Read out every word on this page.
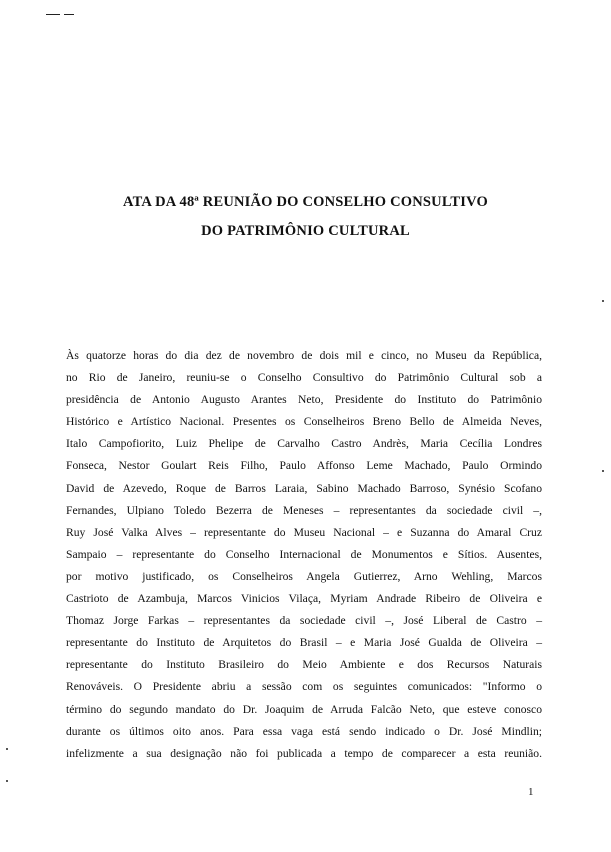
ATA DA 48ª REUNIÃO DO CONSELHO CONSULTIVO
DO PATRIMÔNIO CULTURAL
Às quatorze horas do dia dez de novembro de dois mil e cinco, no Museu da República,
no Rio de Janeiro, reuniu-se o Conselho Consultivo do Patrimônio Cultural sob a
presidência de Antonio Augusto Arantes Neto, Presidente do Instituto do Patrimônio
Histórico e Artístico Nacional. Presentes os Conselheiros Breno Bello de Almeida Neves,
Italo Campofiorito, Luiz Phelipe de Carvalho Castro Andrès, Maria Cecília Londres
Fonseca, Nestor Goulart Reis Filho, Paulo Affonso Leme Machado, Paulo Ormindo
David de Azevedo, Roque de Barros Laraia, Sabino Machado Barroso, Synésio Scofano
Fernandes, Ulpiano Toledo Bezerra de Meneses – representantes da sociedade civil –,
Ruy José Valka Alves – representante do Museu Nacional – e Suzanna do Amaral Cruz
Sampaio – representante do Conselho Internacional de Monumentos e Sítios. Ausentes,
por motivo justificado, os Conselheiros Angela Gutierrez, Arno Wehling, Marcos
Castrioto de Azambuja, Marcos Vinicios Vilaça, Myriam Andrade Ribeiro de Oliveira e
Thomaz Jorge Farkas – representantes da sociedade civil –, José Liberal de Castro –
representante do Instituto de Arquitetos do Brasil – e Maria José Gualda de Oliveira –
representante do Instituto Brasileiro do Meio Ambiente e dos Recursos Naturais
Renováveis. O Presidente abriu a sessão com os seguintes comunicados: "Informo o
término do segundo mandato do Dr. Joaquim de Arruda Falcão Neto, que esteve conosco
durante os últimos oito anos. Para essa vaga está sendo indicado o Dr. José Mindlin;
infelizmente a sua designação não foi publicada a tempo de comparecer a esta reunião.
1
